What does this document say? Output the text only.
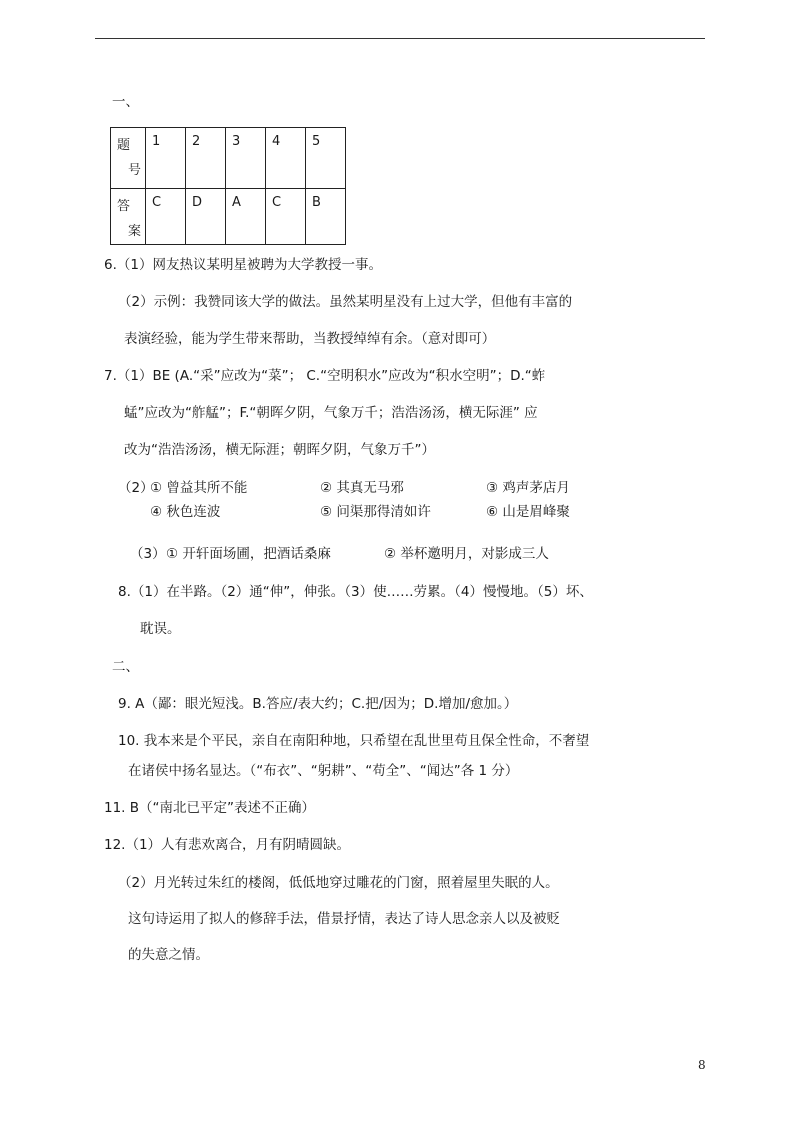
一、
题
号	1	2	3	4	5

答
案	C	D	A	C	B
6.（1）网友热议某明星被聘为大学教授一事。
（2）示例：我赞同该大学的做法。虽然某明星没有上过大学，但他有丰富的
表演经验，能为学生带来帮助，当教授绰绰有余。（意对即可）
7.（1）BE (A.“采”应改为“菜”； C.“空明积水”应改为“积水空明”；D.“蚱
蜢”应改为“舴艋”；F.“朝晖夕阴，气象万千；浩浩汤汤，横无际涯” 应
改为“浩浩汤汤，横无际涯；朝晖夕阴，气象万千”）
（2）
① 曾益其所不能	② 其真无马邪	③ 鸡声茅店月
④ 秋色连波	⑤ 问渠那得清如许	⑥ 山是眉峰聚
（3） ① 开轩面场圃，把酒话桑麻	② 举杯邀明月，对影成三人
8.（1）在半路。（2）通“伸”，伸张。（3）使……劳累。（4）慢慢地。（5）坏、
耽误。
二、
9. A（鄙：眼光短浅。B.答应/表大约；C.把/因为；D.增加/愈加。）
10. 我本来是个平民，亲自在南阳种地，只希望在乱世里苟且保全性命，不奢望
在诸侯中扬名显达。（“布衣”、“躬耕”、“苟全”、“闻达”各 1 分）
11. B（“南北已平定”表述不正确）
12.（1）人有悲欢离合，月有阴晴圆缺。
（2）月光转过朱红的楼阁，低低地穿过雕花的门窗，照着屋里失眠的人。
这句诗运用了拟人的修辞手法，借景抒情，表达了诗人思念亲人以及被贬
的失意之情。
8
